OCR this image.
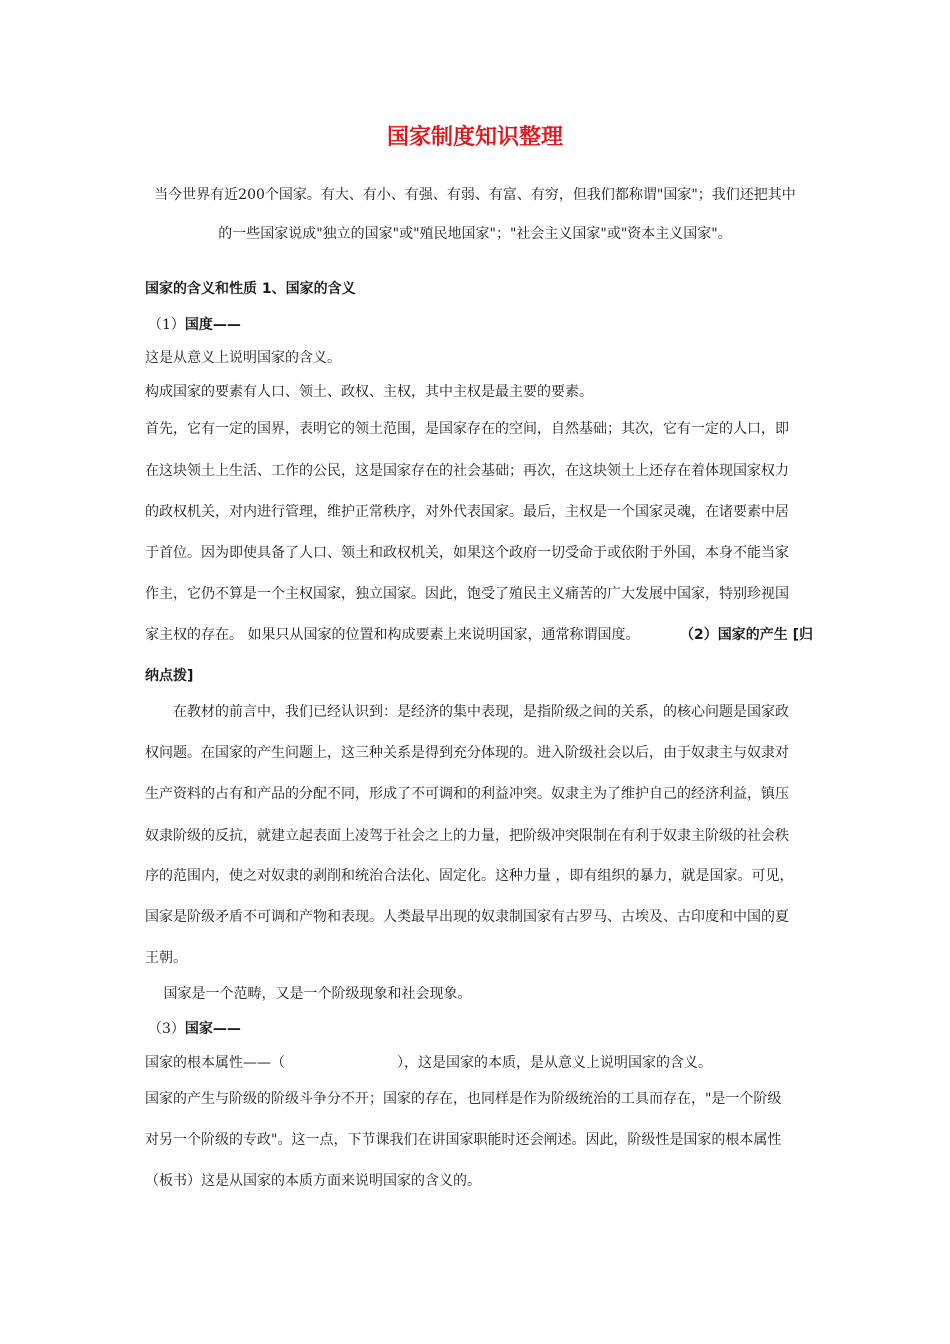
国家制度知识整理
当今世界有近200个国家。有大、有小、有强、有弱、有富、有穷，但我们都称谓"国家"；我们还把其中
的一些国家说成"独立的国家"或"殖民地国家"；"社会主义国家"或"资本主义国家"。
国家的含义和性质 1、国家的含义
（1）国度——
这是从意义上说明国家的含义。
构成国家的要素有人口、领土、政权、主权，其中主权是最主要的要素。
首先，它有一定的国界，表明它的领土范围，是国家存在的空间，自然基础；其次，它有一定的人口，即
在这块领土上生活、工作的公民，这是国家存在的社会基础；再次，在这块领土上还存在着体现国家权力
的政权机关，对内进行管理，维护正常秩序，对外代表国家。最后，主权是一个国家灵魂，在诸要素中居
于首位。因为即使具备了人口、领土和政权机关，如果这个政府一切受命于或依附于外国，本身不能当家
作主，它仍不算是一个主权国家，独立国家。因此，饱受了殖民主义痛苦的广大发展中国家，特别珍视国
家主权的存在。 如果只从国家的位置和构成要素上来说明国家，通常称谓国度。	（2）国家的产生 [归
纳点拨]
　　在教材的前言中，我们已经认识到：是经济的集中表现，是指阶级之间的关系，的核心问题是国家政
权问题。在国家的产生问题上，这三种关系是得到充分体现的。进入阶级社会以后，由于奴隶主与奴隶对
生产资料的占有和产品的分配不同，形成了不可调和的利益冲突。奴隶主为了维护自己的经济利益，镇压
奴隶阶级的反抗，就建立起表面上凌驾于社会之上的力量，把阶级冲突限制在有利于奴隶主阶级的社会秩
序的范围内，使之对奴隶的剥削和统治合法化、固定化。这种力量 ，即有组织的暴力，就是国家。可见，
国家是阶级矛盾不可调和产物和表现。人类最早出现的奴隶制国家有古罗马、古埃及、古印度和中国的夏
王朝。
　 国家是一个范畴，又是一个阶级现象和社会现象。
（3）国家——
国家的根本属性——（	），这是国家的本质，是从意义上说明国家的含义。
国家的产生与阶级的阶级斗争分不开；国家的存在，也同样是作为阶级统治的工具而存在，"是一个阶级
对另一个阶级的专政"。这一点，下节课我们在讲国家职能时还会阐述。因此，阶级性是国家的根本属性
（板书）这是从国家的本质方面来说明国家的含义的。
